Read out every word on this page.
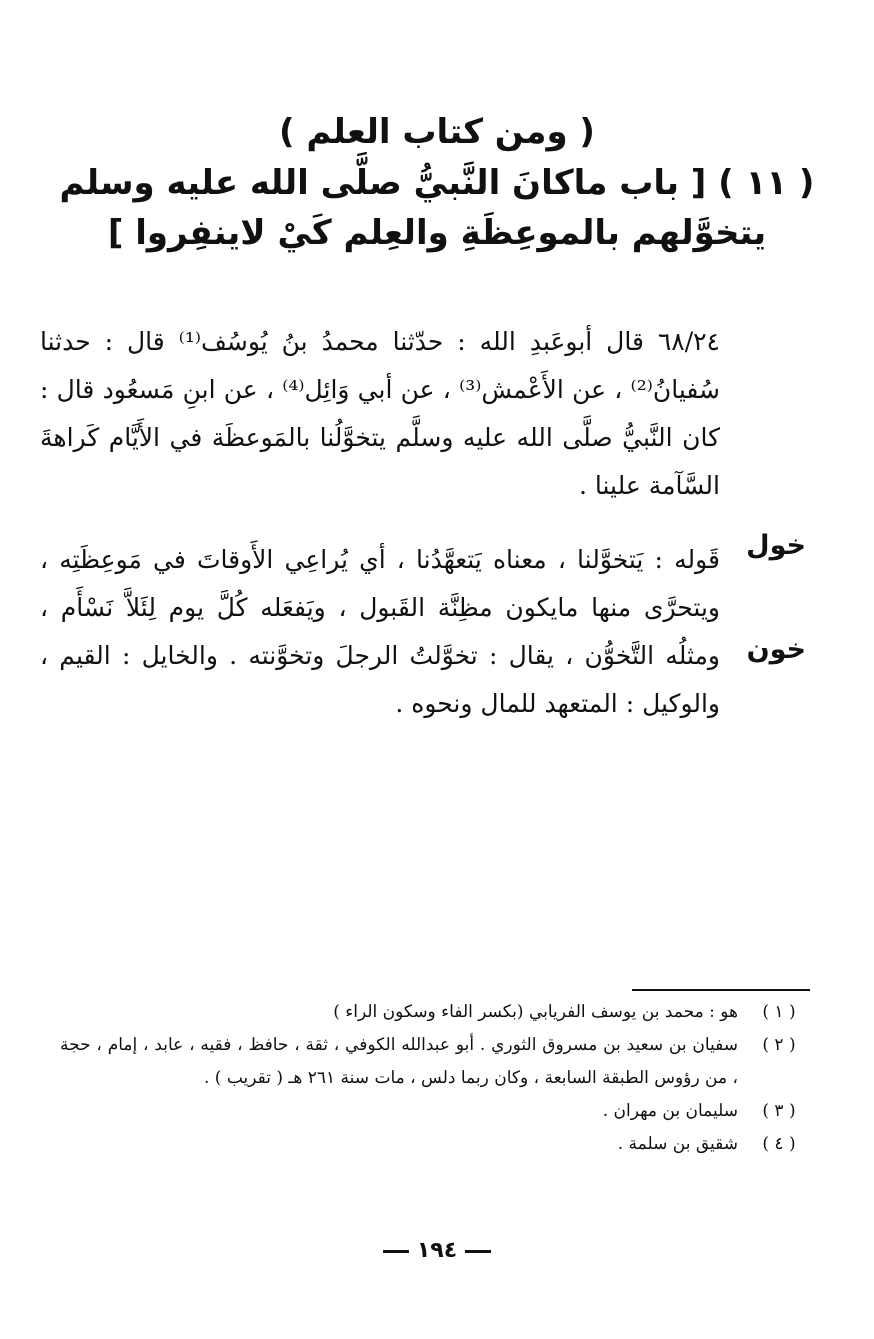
( ومن كتاب العلم )
( ١١ ) [ باب ماكانَ النَّبيُّ صلَّى الله عليه وسلم
يتخوَّلهم بالموعِظَةِ والعِلم كَيْ لاينفِروا ]

٦٨/٢٤ قال أبوعَبدِ الله : حدّثنا محمدُ بنُ يُوسُف⁽¹⁾ قال : حدثنا سُفيانُ⁽²⁾ ، عن الأَعْمش⁽³⁾ ، عن أبي وَائِل⁽⁴⁾ ، عن ابنِ مَسعُود قال : كان النَّبيُّ صلَّى الله عليه وسلَّم يتخوَّلُنا بالمَوعظَة في الأَيَّام كَراهةَ السَّآمة علينا .

خول
خون

قَوله : يَتخوَّلنا ، معناه يَتعهَّدُنا ، أي يُراعِي الأَوقاتَ في مَوعِظَتِه ، ويتحرَّى منها مايكون مظِنَّة القَبول ، ويَفعَله كُلَّ يوم لِئَلاَّ نَسْأَم ، ومثلُه التَّخوُّن ، يقال : تخوَّلتُ الرجلَ وتخوَّنته . والخايل : القيم ، والوكيل : المتعهد للمال ونحوه .

( ١ )
هو : محمد بن يوسف الفريابي (بكسر الفاء وسكون الراء )
( ٢ )
سفيان بن سعيد بن مسروق الثوري . أبو عبدالله الكوفي ، ثقة ، حافظ ، فقيه ، عابد ، إمام ، حجة ، من رؤوس الطبقة السابعة ، وكان ربما دلس ، مات سنة ٢٦١ هـ ( تقريب ) .
( ٣ )
سليمان بن مهران .
( ٤ )
شقيق بن سلمة .
١٩٤
